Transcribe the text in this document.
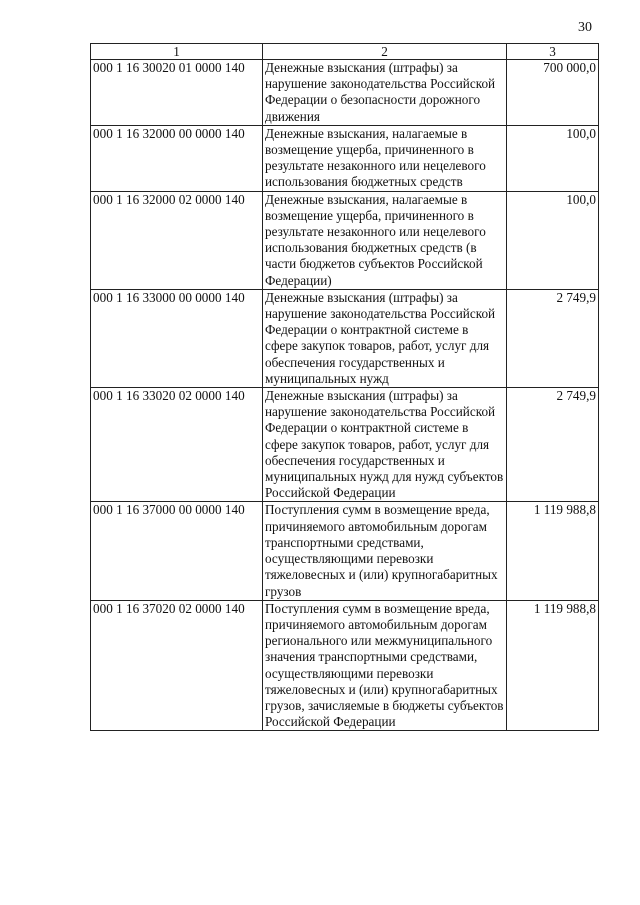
30
1	2	3
000 1 16 30020 01 0000 140	Денежные взыскания (штрафы) за нарушение законодательства Российской Федерации о безопасности дорожного движения	700 000,0
000 1 16 32000 00 0000 140	Денежные взыскания, налагаемые в возмещение ущерба, причиненного в результате незаконного или нецелевого использования бюджетных средств	100,0
000 1 16 32000 02 0000 140	Денежные взыскания, налагаемые в возмещение ущерба, причиненного в результате незаконного или нецелевого использования бюджетных средств (в части бюджетов субъектов Российской Федерации)	100,0
000 1 16 33000 00 0000 140	Денежные взыскания (штрафы) за нарушение законодательства Российской Федерации о контрактной системе в сфере закупок товаров, работ, услуг для обеспечения государственных и муниципальных нужд	2 749,9
000 1 16 33020 02 0000 140	Денежные взыскания (штрафы) за нарушение законодательства Российской Федерации о контрактной системе в сфере закупок товаров, работ, услуг для обеспечения государственных и муниципальных нужд для нужд субъектов Российской Федерации	2 749,9
000 1 16 37000 00 0000 140	Поступления сумм в возмещение вреда, причиняемого автомобильным дорогам транспортными средствами, осуществляющими перевозки тяжеловесных и (или) крупногабаритных грузов	1 119 988,8
000 1 16 37020 02 0000 140	Поступления сумм в возмещение вреда, причиняемого автомобильным дорогам регионального или межмуниципального значения транспортными средствами, осуществляющими перевозки тяжеловесных и (или) крупногабаритных грузов, зачисляемые в бюджеты субъектов Российской Федерации	1 119 988,8
